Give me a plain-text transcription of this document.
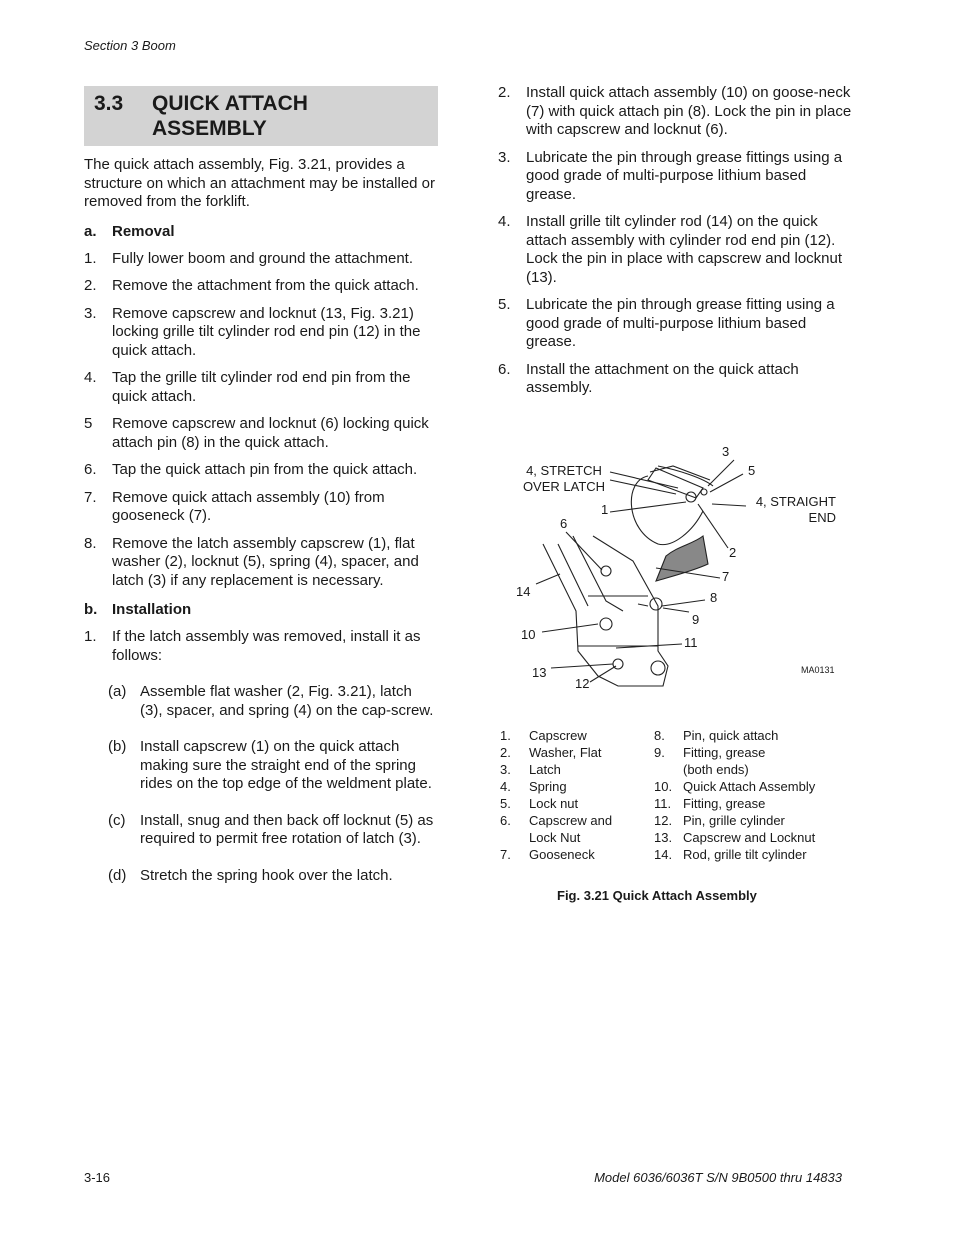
Section 3 Boom
3.3	QUICK ATTACH
ASSEMBLY

The quick attach assembly, Fig. 3.21, provides a structure on which an attachment may be installed or removed from the forklift.

a.	Removal
1.	Fully lower boom and ground the attachment.
2.	Remove the attachment from the quick attach.
3.	Remove capscrew and locknut (13, Fig. 3.21) locking grille tilt cylinder rod end pin (12) in the quick attach.
4.	Tap the grille tilt cylinder rod end pin from the quick attach.
5	Remove capscrew and locknut (6) locking quick attach pin (8) in the quick attach.
6.	Tap the quick attach pin from the quick attach.
7.	Remove quick attach assembly (10) from gooseneck (7).
8.	Remove the latch assembly capscrew (1), flat washer (2), locknut (5), spring (4), spacer, and latch (3) if any replacement is necessary.
b. Installation
1.	If the latch assembly was removed, install it as follows:
(a) Assemble flat washer (2, Fig. 3.21), latch (3), spacer, and spring (4) on the cap-screw.
(b) Install capscrew (1) on the quick attach making sure the straight end of the spring rides on the top edge of the weldment plate.
(c) Install, snug and then back off locknut (5) as required to permit free rotation of latch (3).
(d) Stretch the spring hook over the latch.
2.	Install quick attach assembly (10) on goose-neck (7) with quick attach pin (8). Lock the pin in place with capscrew and locknut (6).
3.	Lubricate the pin through grease fittings using a good grade of multi-purpose lithium based grease.
4.	Install grille tilt cylinder rod (14) on the quick attach assembly with cylinder rod end pin (12). Lock the pin in place with capscrew and locknut (13).
5.	Lubricate the pin through grease fitting using a good grade of multi-purpose lithium based grease.
6.	Install the attachment on the quick attach assembly.
3
5
4, STRETCH
OVER LATCH
4, STRAIGHT
END
1
6
2
7
14	8
9
10
11
13
12
MA0131
1.	Capscrew
2.	Washer, Flat
3.	Latch
4.	Spring
5.	Lock nut
6.	Capscrew and
Lock Nut
7.	Gooseneck
8.	Pin, quick attach
9.	Fitting, grease
(both ends)
10. Quick Attach Assembly
11. Fitting, grease
12. Pin, grille cylinder
13. Capscrew and Locknut
14. Rod, grille tilt cylinder
Fig. 3.21 Quick Attach Assembly
3-16	Model 6036/6036T S/N 9B0500 thru 14833
